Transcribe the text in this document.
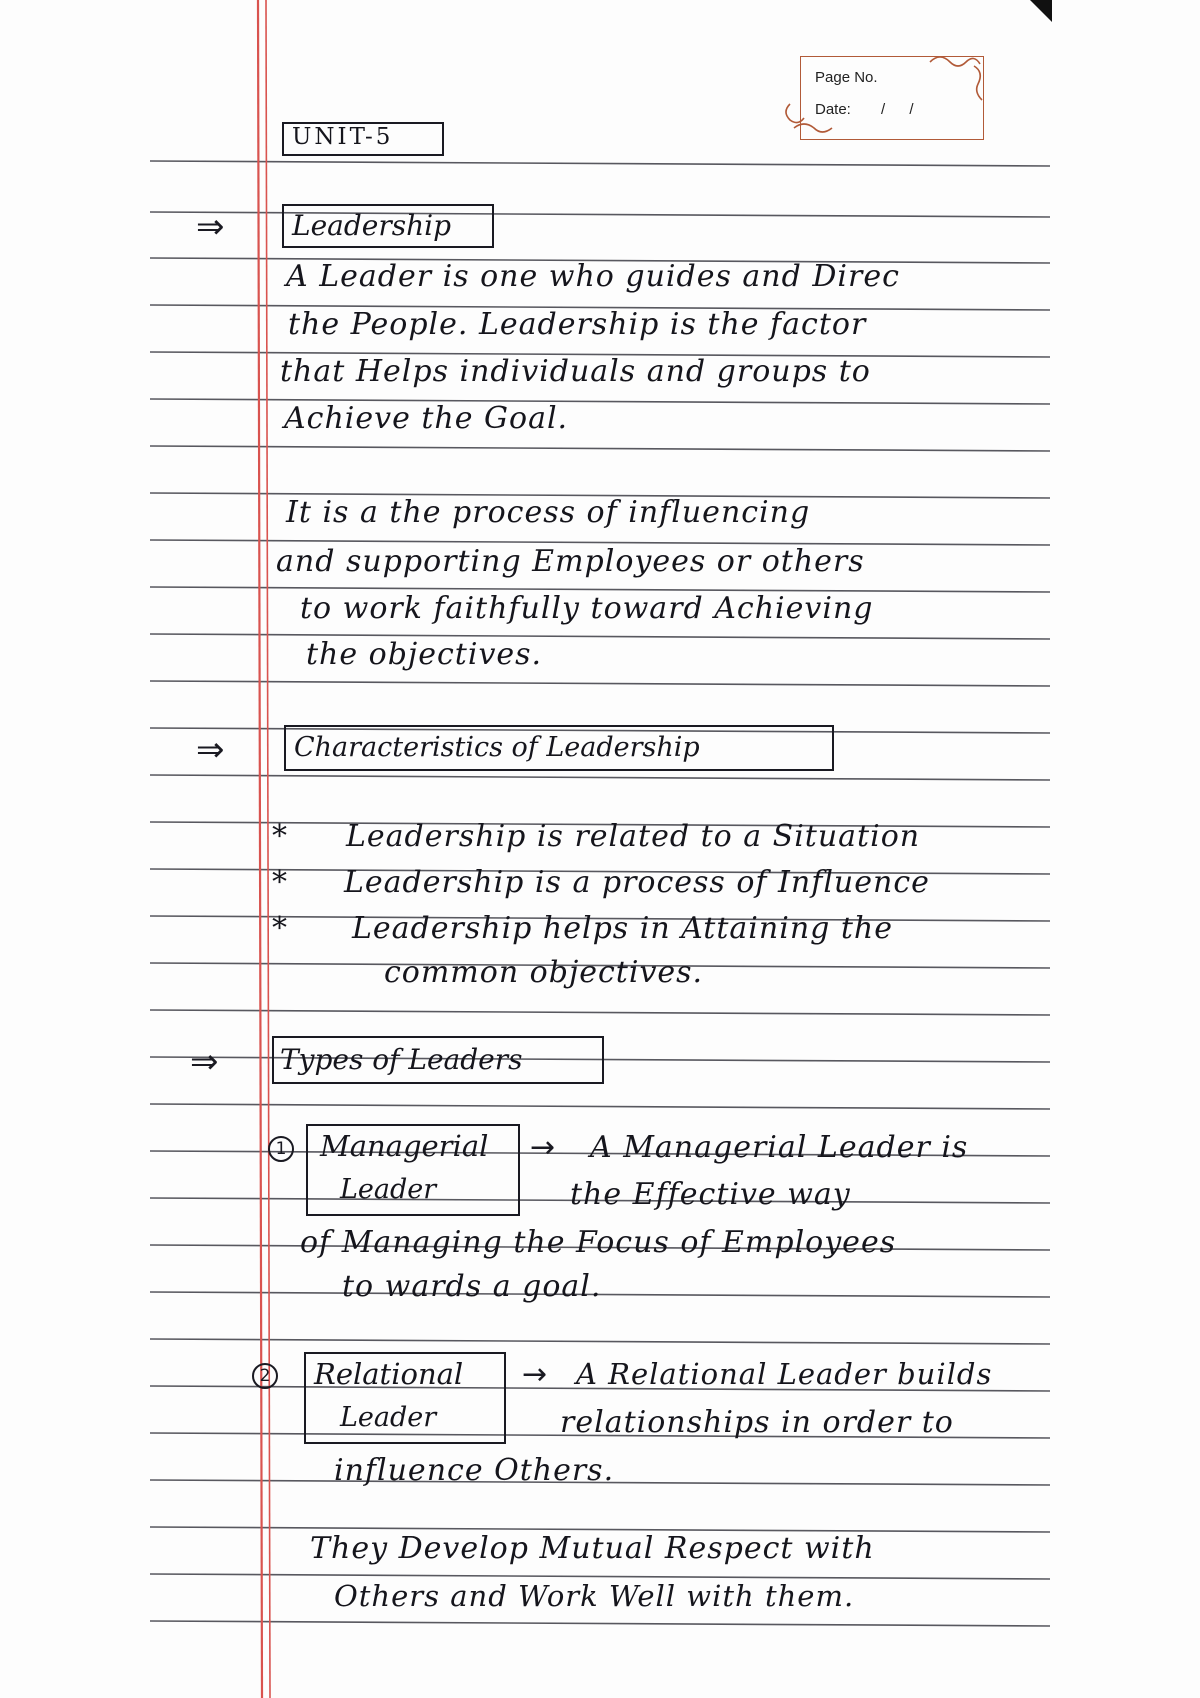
Page No.
Date: / /
UNIT-5
⇒ Leadership
A Leader is one who guides and Direc
the People. Leadership is the factor
that Helps individuals and groups to
Achieve the Goal.
It is a the process of influencing
and supporting Employees or others
to work faithfully toward Achieving
the objectives.
⇒	Characteristics of Leadership
* Leadership is related to a Situation
* Leadership is a process of Influence
* Leadership helps in Attaining the
common objectives.
⇒ Types of Leaders
1 Managerial
Leader
→ A Managerial Leader is
the Effective way
of Managing the Focus of Employees
to wards a goal.
2 Relational
Leader
→ A Relational Leader builds
relationships in order to
influence Others.
They Develop Mutual Respect with
Others and Work Well with them.
